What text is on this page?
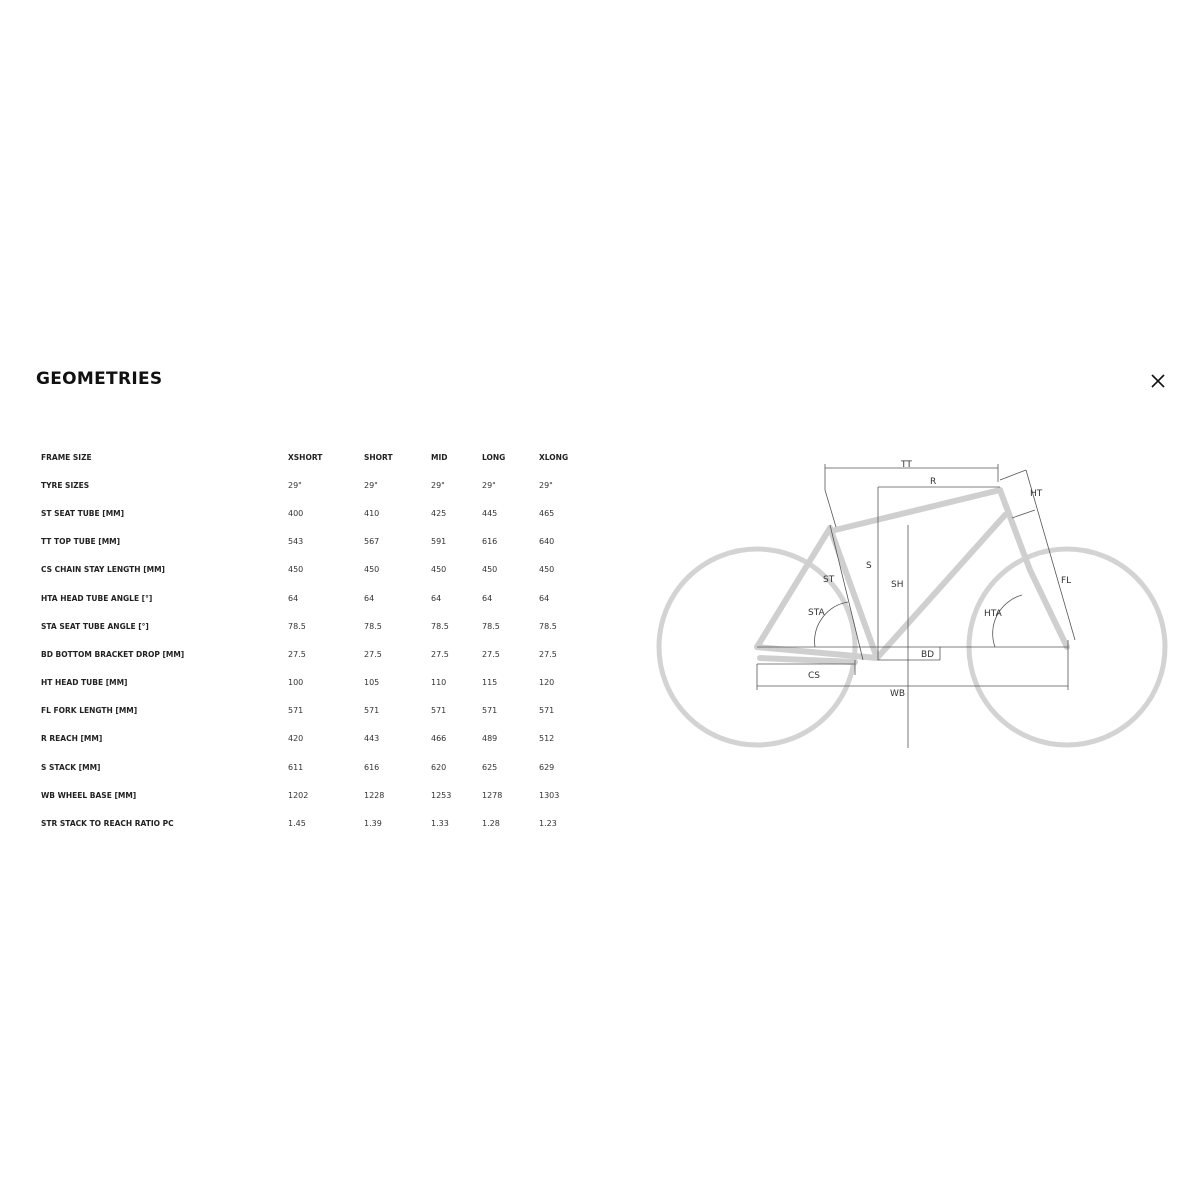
GEOMETRIES
FRAME SIZE	XSHORT	SHORT	MID	LONG	XLONG
TYRE SIZES	29"	29"	29"	29"	29"
ST SEAT TUBE [MM]	400	410	425	445	465
TT TOP TUBE [MM]	543	567	591	616	640
CS CHAIN STAY LENGTH [MM]	450	450	450	450	450
HTA HEAD TUBE ANGLE [°]	64	64	64	64	64
STA SEAT TUBE ANGLE [°]	78.5	78.5	78.5	78.5	78.5
BD BOTTOM BRACKET DROP [MM]	27.5	27.5	27.5	27.5	27.5
HT HEAD TUBE [MM]	100	105	110	115	120
FL FORK LENGTH [MM]	571	571	571	571	571
R REACH [MM]	420	443	466	489	512
S STACK [MM]	611	616	620	625	629
WB WHEEL BASE [MM]	1202	1228	1253	1278	1303
STR STACK TO REACH RATIO PC	1.45	1.39	1.33	1.28	1.23
TT
R
HT
S
SH
ST
STA
FL
HTA
BD
CS
WB
